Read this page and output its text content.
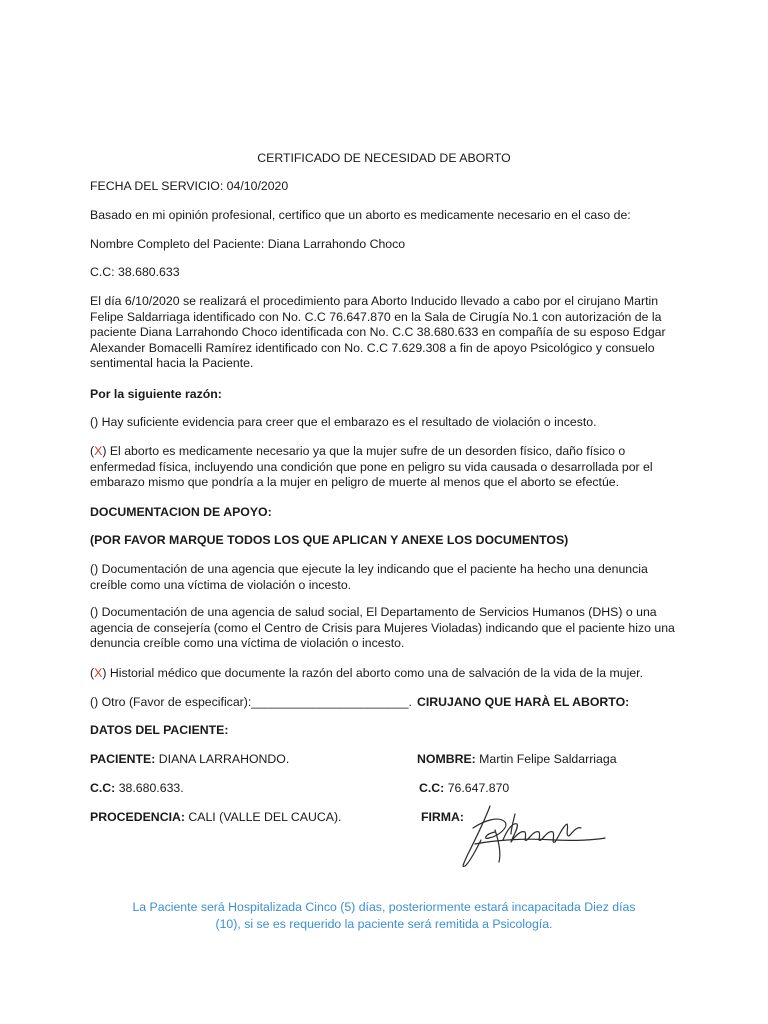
CERTIFICADO DE NECESIDAD DE ABORTO
FECHA DEL SERVICIO: 04/10/2020
Basado en mi opinión profesional, certifico que un aborto es medicamente necesario en el caso de:
Nombre Completo del Paciente: Diana Larrahondo Choco
C.C: 38.680.633
El día 6/10/2020 se realizará el procedimiento para Aborto Inducido llevado a cabo por el cirujano Martin Felipe Saldarriaga identificado con No. C.C 76.647.870 en la Sala de Cirugía No.1 con autorización de la paciente Diana Larrahondo Choco identificada con No. C.C 38.680.633 en compañía de su esposo Edgar Alexander Bomacelli Ramírez identificado con No. C.C 7.629.308 a fin de apoyo Psicológico y consuelo sentimental hacia la Paciente.
Por la siguiente razón:
() Hay suficiente evidencia para creer que el embarazo es el resultado de violación o incesto.
(X) El aborto es medicamente necesario ya que la mujer sufre de un desorden físico, daño físico o enfermedad física, incluyendo una condición que pone en peligro su vida causada o desarrollada por el embarazo mismo que pondría a la mujer en peligro de muerte al menos que el aborto se efectúe.
DOCUMENTACION DE APOYO:
(POR FAVOR MARQUE TODOS LOS QUE APLICAN Y ANEXE LOS DOCUMENTOS)
() Documentación de una agencia que ejecute la ley indicando que el paciente ha hecho una denuncia creíble como una víctima de violación o incesto.
() Documentación de una agencia de salud social, El Departamento de Servicios Humanos (DHS) o una agencia de consejería (como el Centro de Crisis para Mujeres Violadas) indicando que el paciente hizo una denuncia creíble como una víctima de violación o incesto.
(X) Historial médico que documente la razón del aborto como una de salvación de la vida de la mujer.
() Otro (Favor de especificar):_______________________. CIRUJANO QUE HARÀ EL ABORTO:
DATOS DEL PACIENTE:
PACIENTE: DIANA LARRAHONDO.	NOMBRE: Martin Felipe Saldarriaga
C.C: 38.680.633.	C.C: 76.647.870
PROCEDENCIA: CALI (VALLE DEL CAUCA).	FIRMA:
La Paciente será Hospitalizada Cinco (5) días, posteriormente estará incapacitada Diez días
(10), si se es requerido la paciente será remitida a Psicología.
